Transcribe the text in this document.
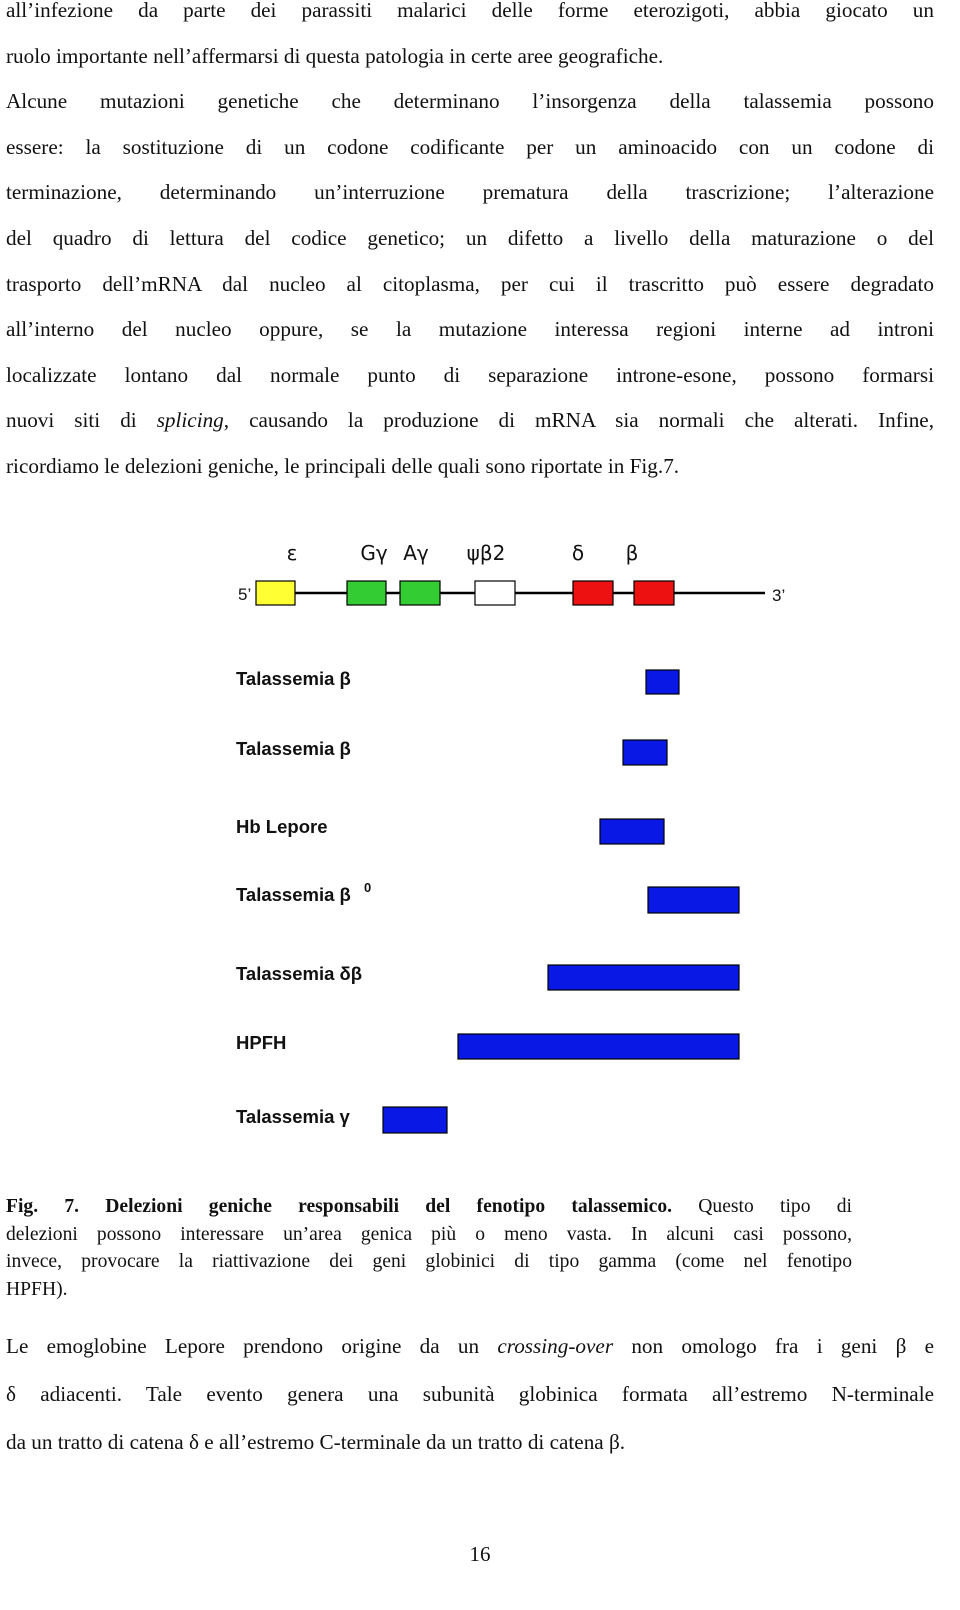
all’infezione da parte dei parassiti malarici delle forme eterozigoti, abbia giocato un
ruolo importante nell’affermarsi di questa patologia in certe aree geografiche.
Alcune mutazioni genetiche che determinano l’insorgenza della talassemia possono
essere: la sostituzione di un codone codificante per un aminoacido con un codone di
terminazione, determinando un’interruzione prematura della trascrizione; l’alterazione
del quadro di lettura del codice genetico; un difetto a livello della maturazione o del
trasporto dell’mRNA dal nucleo al citoplasma, per cui il trascritto può essere degradato
all’interno del nucleo oppure, se la mutazione interessa regioni interne ad introni
localizzate lontano dal normale punto di separazione introne-esone, possono formarsi
nuovi siti di splicing, causando la produzione di mRNA sia normali che alterati. Infine,
ricordiamo le delezioni geniche, le principali delle quali sono riportate in Fig.7.
5’	3’
ε	Gγ Aγ ψβ2	δ β
Talassemia β
Talassemia β
Hb Lepore
Talassemia β 0
Talassemia δβ
HPFH
Talassemia γ
Fig. 7. Delezioni geniche responsabili del fenotipo talassemico. Questo tipo di
delezioni possono interessare un’area genica più o meno vasta. In alcuni casi possono,
invece, provocare la riattivazione dei geni globinici di tipo gamma (come nel fenotipo
HPFH).
Le emoglobine Lepore prendono origine da un crossing-over non omologo fra i geni β e
δ adiacenti. Tale evento genera una subunità globinica formata all’estremo N-terminale
da un tratto di catena δ e all’estremo C-terminale da un tratto di catena β.
16
